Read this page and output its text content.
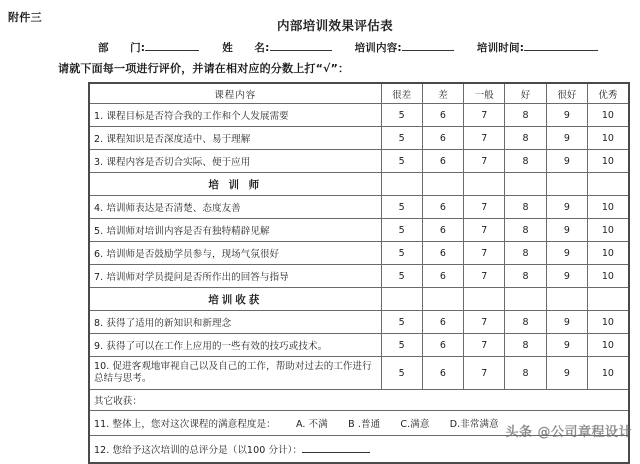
附件三
内部培训效果评估表
部　　门:	姓　　名:	培训内容:	培训时间:
请就下面每一项进行评价，并请在相对应的分数上打“√”：
课程内容	很差	差	一般	好	很好	优秀
1. 课程目标是否符合我的工作和个人发展需要	5	6	7	8	9	10
2. 课程知识是否深度适中、易于理解	5	6	7	8	9	10
3. 课程内容是否切合实际、便于应用	5	6	7	8	9	10
培 训 师						
4. 培训师表达是否清楚、态度友善	5	6	7	8	9	10
5. 培训师对培训内容是否有独特精辟见解	5	6	7	8	9	10
6. 培训师是否鼓励学员参与，现场气氛很好	5	6	7	8	9	10
7. 培训师对学员提问是否所作出的回答与指导	5	6	7	8	9	10
培训收获						
8. 获得了适用的新知识和新理念	5	6	7	8	9	10
9. 获得了可以在工作上应用的一些有效的技巧或技术。	5	6	7	8	9	10
10. 促进客观地审视自己以及自己的工作，帮助对过去的工作进行总结与思考。	5	6	7	8	9	10
其它收获：						
11. 整体上，您对这次课程的满意程度是： A. 不满 B .普通 C.满意 D.非常满意						
12. 您给予这次培训的总评分是（以100 分计）：						
头条 @公司章程设计
